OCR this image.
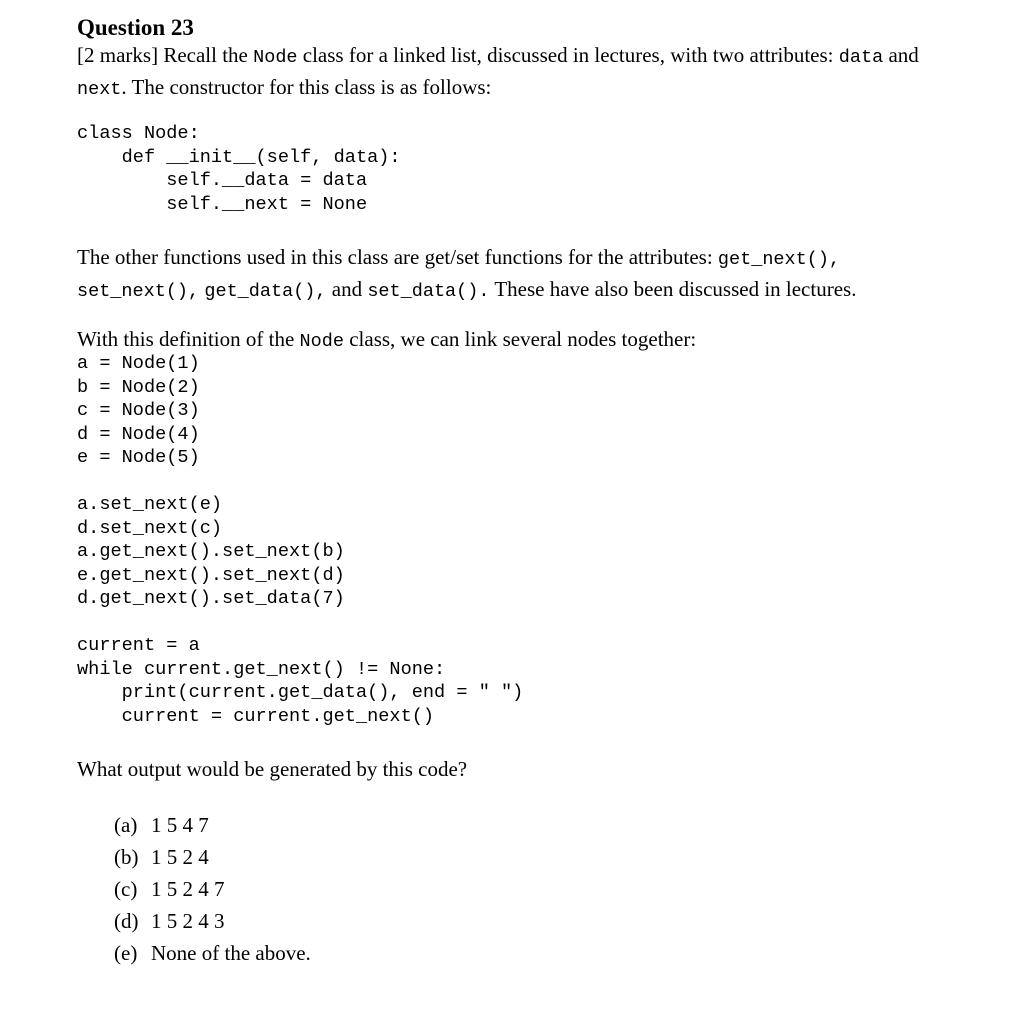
Question 23
[2 marks] Recall the Node class for a linked list, discussed in lectures, with two attributes: data and
next. The constructor for this class is as follows:
class Node:
def __init__(self, data):
self.__data = data
self.__next = None
The other functions used in this class are get/set functions for the attributes: get_next(),
set_next(), get_data(), and set_data(). These have also been discussed in lectures.
With this definition of the Node class, we can link several nodes together:
a = Node(1)
b = Node(2)
c = Node(3)
d = Node(4)
e = Node(5)
a.set_next(e)
d.set_next(c)
a.get_next().set_next(b)
e.get_next().set_next(d)
d.get_next().set_data(7)
current = a
while current.get_next() != None:
print(current.get_data(), end = " ")
current = current.get_next()
What output would be generated by this code?
(a) 1 5 4 7
(b) 1 5 2 4
(c) 1 5 2 4 7
(d) 1 5 2 4 3
(e) None of the above.
